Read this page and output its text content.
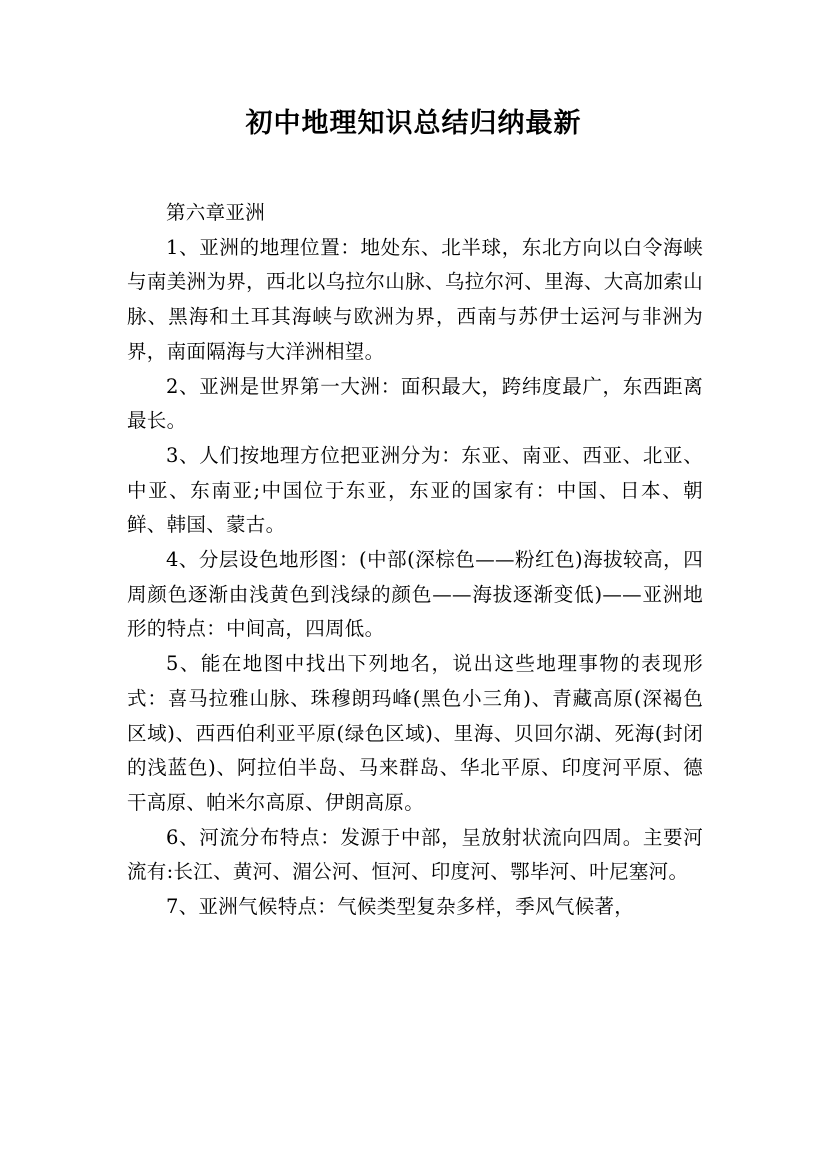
初中地理知识总结归纳最新

第六章亚洲

1、亚洲的地理位置：地处东、北半球，东北方向以白令海峡与南美洲为界，西北以乌拉尔山脉、乌拉尔河、里海、大高加索山脉、黑海和土耳其海峡与欧洲为界，西南与苏伊士运河与非洲为界，南面隔海与大洋洲相望。

2、亚洲是世界第一大洲：面积最大，跨纬度最广，东西距离最长。

3、人们按地理方位把亚洲分为：东亚、南亚、西亚、北亚、中亚、东南亚;中国位于东亚，东亚的国家有：中国、日本、朝鲜、韩国、蒙古。

4、分层设色地形图：(中部(深棕色——粉红色)海拔较高，四周颜色逐渐由浅黄色到浅绿的颜色——海拔逐渐变低)——亚洲地形的特点：中间高，四周低。

5、能在地图中找出下列地名，说出这些地理事物的表现形式：喜马拉雅山脉、珠穆朗玛峰(黑色小三角)、青藏高原(深褐色区域)、西西伯利亚平原(绿色区域)、里海、贝回尔湖、死海(封闭的浅蓝色)、阿拉伯半岛、马来群岛、华北平原、印度河平原、德干高原、帕米尔高原、伊朗高原。

6、河流分布特点：发源于中部，呈放射状流向四周。主要河流有:长江、黄河、湄公河、恒河、印度河、鄂毕河、叶尼塞河。

7、亚洲气候特点：气候类型复杂多样，季风气候著，
